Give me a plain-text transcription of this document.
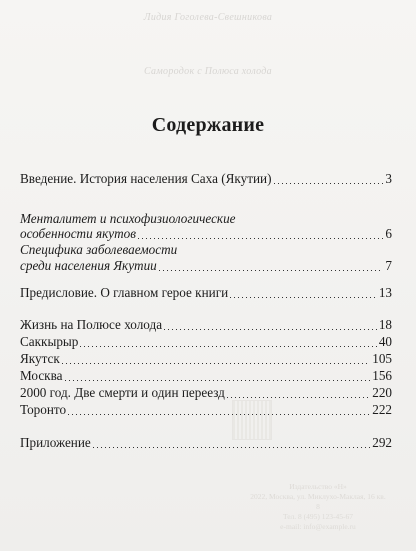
Лидия Гоголева-Свешникова
Самородок с Полюса холода
Издательство «Н»
2022, Москва, ул. Миклухо-Маклая, 16 кв. 8
Тел. 8 (495) 123-45-67
e-mail: info@example.ru
Содержание
Введение. История населения Саха (Якутии)	3
Менталитет и психофизиологические
особенности якутов	6
Специфика заболеваемости
среди населения Якутии	7
Предисловие. О главном герое книги	13
Жизнь на Полюсе холода	18
Саккырыр	40
Якутск	105
Москва	156
2000 год. Две смерти и один переезд	220
Торонто	222
Приложение	292
